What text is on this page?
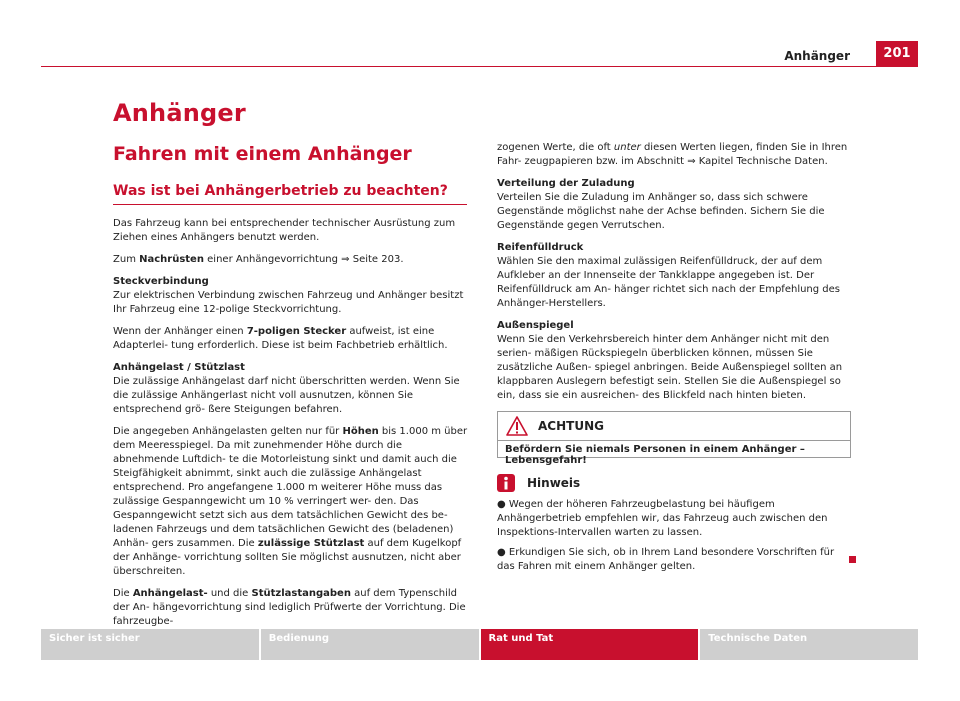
Anhänger	201
Anhänger
Fahren mit einem Anhänger
Was ist bei Anhängerbetrieb zu beachten?

Das Fahrzeug kann bei entsprechender technischer Ausrüstung zum Ziehen eines Anhängers benutzt werden.

Zum Nachrüsten einer Anhängevorrichtung ⇒ Seite 203.

Steckverbindung

Zur elektrischen Verbindung zwischen Fahrzeug und Anhänger besitzt Ihr Fahrzeug eine 12-polige Steckvorrichtung.

Wenn der Anhänger einen 7-poligen Stecker aufweist, ist eine Adapterlei- tung erforderlich. Diese ist beim Fachbetrieb erhältlich.

Anhängelast / Stützlast

Die zulässige Anhängelast darf nicht überschritten werden. Wenn Sie die zulässige Anhängerlast nicht voll ausnutzen, können Sie entsprechend grö- ßere Steigungen befahren.

Die angegeben Anhängelasten gelten nur für Höhen bis 1.000 m über dem Meeresspiegel. Da mit zunehmender Höhe durch die abnehmende Luftdich- te die Motorleistung sinkt und damit auch die Steigfähigkeit abnimmt, sinkt auch die zulässige Anhängelast entsprechend. Pro angefangene 1.000 m weiterer Höhe muss das zulässige Gespanngewicht um 10 % verringert wer- den. Das Gespanngewicht setzt sich aus dem tatsächlichen Gewicht des be- ladenen Fahrzeugs und dem tatsächlichen Gewicht des (beladenen) Anhän- gers zusammen. Die zulässige Stützlast auf dem Kugelkopf der Anhänge- vorrichtung sollten Sie möglichst ausnutzen, nicht aber überschreiten.

Die Anhängelast- und die Stützlastangaben auf dem Typenschild der An- hängevorrichtung sind lediglich Prüfwerte der Vorrichtung. Die fahrzeugbe-

zogenen Werte, die oft unter diesen Werten liegen, finden Sie in Ihren Fahr- zeugpapieren bzw. im Abschnitt ⇒ Kapitel Technische Daten.

Verteilung der Zuladung

Verteilen Sie die Zuladung im Anhänger so, dass sich schwere Gegenstände möglichst nahe der Achse befinden. Sichern Sie die Gegenstände gegen Verrutschen.

Reifenfülldruck

Wählen Sie den maximal zulässigen Reifenfülldruck, der auf dem Aufkleber an der Innenseite der Tankklappe angegeben ist. Der Reifenfülldruck am An- hänger richtet sich nach der Empfehlung des Anhänger-Herstellers.

Außenspiegel

Wenn Sie den Verkehrsbereich hinter dem Anhänger nicht mit den serien- mäßigen Rückspiegeln überblicken können, müssen Sie zusätzliche Außen- spiegel anbringen. Beide Außenspiegel sollten an klappbaren Auslegern befestigt sein. Stellen Sie die Außenspiegel so ein, dass sie ein ausreichen- des Blickfeld nach hinten bieten.

ACHTUNG
Befördern Sie niemals Personen in einem Anhänger – Lebensgefahr!
Hinweis

● Wegen der höheren Fahrzeugbelastung bei häufigem Anhängerbetrieb empfehlen wir, das Fahrzeug auch zwischen den Inspektions-Intervallen warten zu lassen.

● Erkundigen Sie sich, ob in Ihrem Land besondere Vorschriften für das Fahren mit einem Anhänger gelten.

Sicher ist sicher	Bedienung	Rat und Tat	Technische Daten
